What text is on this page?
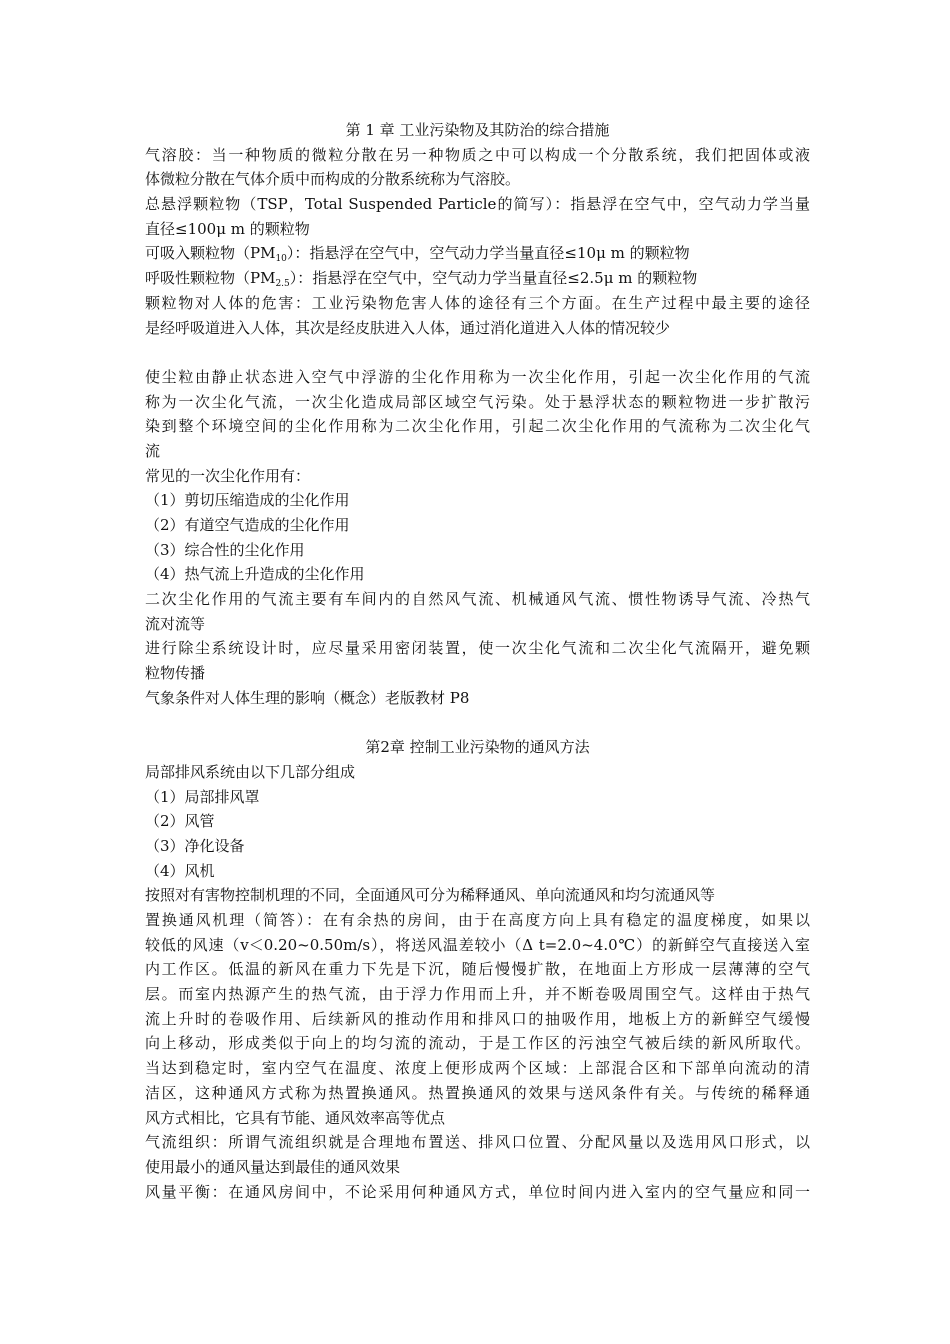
第 1 章 工业污染物及其防治的综合措施
气溶胶：当一种物质的微粒分散在另一种物质之中可以构成一个分散系统，我们把固体或液
体微粒分散在气体介质中而构成的分散系统称为气溶胶。
总悬浮颗粒物（TSP，Total Suspended Particle的简写）：指悬浮在空气中，空气动力学当量
直径≤100μ m 的颗粒物
可吸入颗粒物$(PM_{10})$：指悬浮在空气中，空气动力学当量直径≤10μ m 的颗粒物
呼吸性颗粒物$(PM_{2.5})$：指悬浮在空气中，空气动力学当量直径≤2.5μ m 的颗粒物
颗粒物对人体的危害：工业污染物危害人体的途径有三个方面。在生产过程中最主要的途径
是经呼吸道进入人体，其次是经皮肤进入人体，通过消化道进入人体的情况较少
使尘粒由静止状态进入空气中浮游的尘化作用称为一次尘化作用，引起一次尘化作用的气流
称为一次尘化气流，一次尘化造成局部区域空气污染。处于悬浮状态的颗粒物进一步扩散污
染到整个环境空间的尘化作用称为二次尘化作用，引起二次尘化作用的气流称为二次尘化气
流
常见的一次尘化作用有：
（1）剪切压缩造成的尘化作用
（2）有道空气造成的尘化作用
（3）综合性的尘化作用
（4）热气流上升造成的尘化作用
二次尘化作用的气流主要有车间内的自然风气流、机械通风气流、惯性物诱导气流、冷热气
流对流等
进行除尘系统设计时，应尽量采用密闭装置，使一次尘化气流和二次尘化气流隔开，避免颗
粒物传播
气象条件对人体生理的影响（概念）老版教材 P8
第2章 控制工业污染物的通风方法
局部排风系统由以下几部分组成
（1）局部排风罩
（2）风管
（3）净化设备
（4）风机
按照对有害物控制机理的不同，全面通风可分为稀释通风、单向流通风和均匀流通风等
置换通风机理（简答）：在有余热的房间，由于在高度方向上具有稳定的温度梯度，如果以
较低的风速（v＜0.20~0.50m/s），将送风温差较小（Δ t=2.0~4.0℃）的新鲜空气直接送入室
内工作区。低温的新风在重力下先是下沉，随后慢慢扩散，在地面上方形成一层薄薄的空气
层。而室内热源产生的热气流，由于浮力作用而上升，并不断卷吸周围空气。这样由于热气
流上升时的卷吸作用、后续新风的推动作用和排风口的抽吸作用，地板上方的新鲜空气缓慢
向上移动，形成类似于向上的均匀流的流动，于是工作区的污浊空气被后续的新风所取代。
当达到稳定时，室内空气在温度、浓度上便形成两个区域：上部混合区和下部单向流动的清
洁区，这种通风方式称为热置换通风。热置换通风的效果与送风条件有关。与传统的稀释通
风方式相比，它具有节能、通风效率高等优点
气流组织：所谓气流组织就是合理地布置送、排风口位置、分配风量以及选用风口形式，以
使用最小的通风量达到最佳的通风效果
风量平衡：在通风房间中，不论采用何种通风方式，单位时间内进入室内的空气量应和同一
